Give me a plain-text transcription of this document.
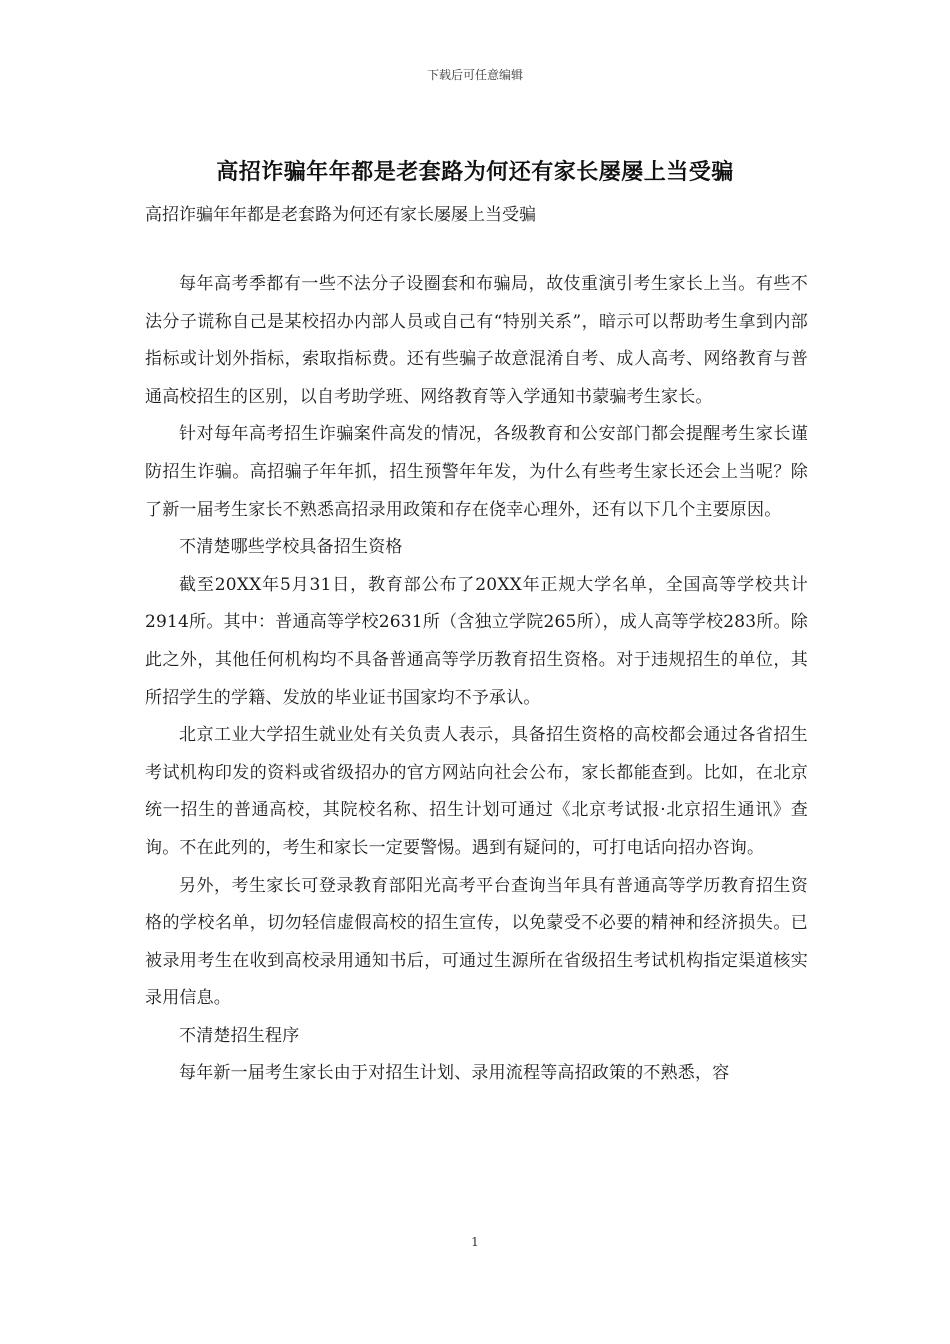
下载后可任意编辑
高招诈骗年年都是老套路为何还有家长屡屡上当受骗
高招诈骗年年都是老套路为何还有家长屡屡上当受骗

每年高考季都有一些不法分子设圈套和布骗局，故伎重演引考生家长上当。有些不法分子谎称自己是某校招办内部人员或自己有“特别关系”，暗示可以帮助考生拿到内部指标或计划外指标，索取指标费。还有些骗子故意混淆自考、成人高考、网络教育与普通高校招生的区别，以自考助学班、网络教育等入学通知书蒙骗考生家长。

针对每年高考招生诈骗案件高发的情况，各级教育和公安部门都会提醒考生家长谨防招生诈骗。高招骗子年年抓，招生预警年年发，为什么有些考生家长还会上当呢？除了新一届考生家长不熟悉高招录用政策和存在侥幸心理外，还有以下几个主要原因。

不清楚哪些学校具备招生资格

截至20XX年5月31日，教育部公布了20XX年正规大学名单，全国高等学校共计2914所。其中：普通高等学校2631所（含独立学院265所），成人高等学校283所。除此之外，其他任何机构均不具备普通高等学历教育招生资格。对于违规招生的单位，其所招学生的学籍、发放的毕业证书国家均不予承认。

北京工业大学招生就业处有关负责人表示，具备招生资格的高校都会通过各省招生考试机构印发的资料或省级招办的官方网站向社会公布，家长都能查到。比如，在北京统一招生的普通高校，其院校名称、招生计划可通过《北京考试报·北京招生通讯》查询。不在此列的，考生和家长一定要警惕。遇到有疑问的，可打电话向招办咨询。

另外，考生家长可登录教育部阳光高考平台查询当年具有普通高等学历教育招生资格的学校名单，切勿轻信虚假高校的招生宣传，以免蒙受不必要的精神和经济损失。已被录用考生在收到高校录用通知书后，可通过生源所在省级招生考试机构指定渠道核实录用信息。

不清楚招生程序

每年新一届考生家长由于对招生计划、录用流程等高招政策的不熟悉，容

1
